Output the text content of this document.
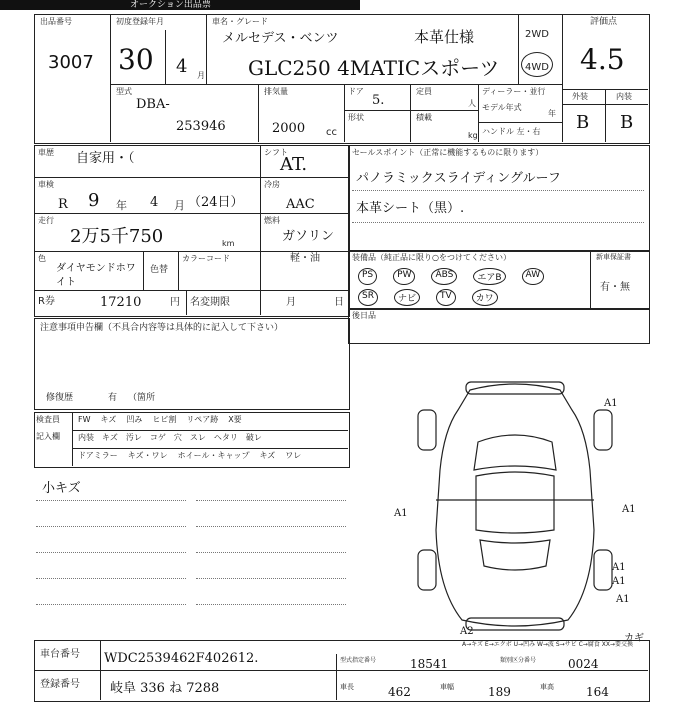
オークション出品票
出品番号
3007
初度登録年月
30 4 月
車名・グレード
メルセデス・ベンツ	本革仕様
GLC250 4MATICスポーツ
2WD
4WD
評価点
4.5
外装	内装
B B
型式
DBA-
253946
排気量
2000 cc
ドア
5.
定員
人
形状	積載
kg
ディーラー・並行
モデル年式
年
ハンドル 左・右
車歴 自家用・（	シフト
AT.
車検
R 9 年 4 月 （24日）
冷房
AAC
走行
2万5千750	km
燃料
ガソリン
軽・油
色
ダイヤモンドホワイト
色替
カラーコード
R券	17210	円 名変期限	月	日
注意事項申告欄（不具合内容等は具体的に記入して下さい）
修復歴	有 （箇所
セールスポイント（正常に機能するものに限ります）
パノラミックスライディングルーフ
本革シート（黒）.
装備品（純正品に限り○をつけてください）	新車保証書
有・無
PS	PW	ABS	エアB	AW
SR	ナビ	TV	カワ
後日品
検査員
記入欄
FW キズ 凹み ヒビ割 リペア跡 X要
内装 キズ 汚レ コゲ 穴 スレ ヘタリ 破レ
ドアミラー キズ・ワレ ホイール・キャップ キズ ワレ
小キズ
A1
A1	A1
A1
A1
A1
A2
A→キズ E→エクボ U→凹み W→波 S→サビ C→腐食 XX→要交換
カギ
車台番号 WDC2539462F402612.
登録番号 岐阜 336 ね 7288
型式指定番号	18541	類別区分番号	0024
車長	462	車幅	189	車高	164
